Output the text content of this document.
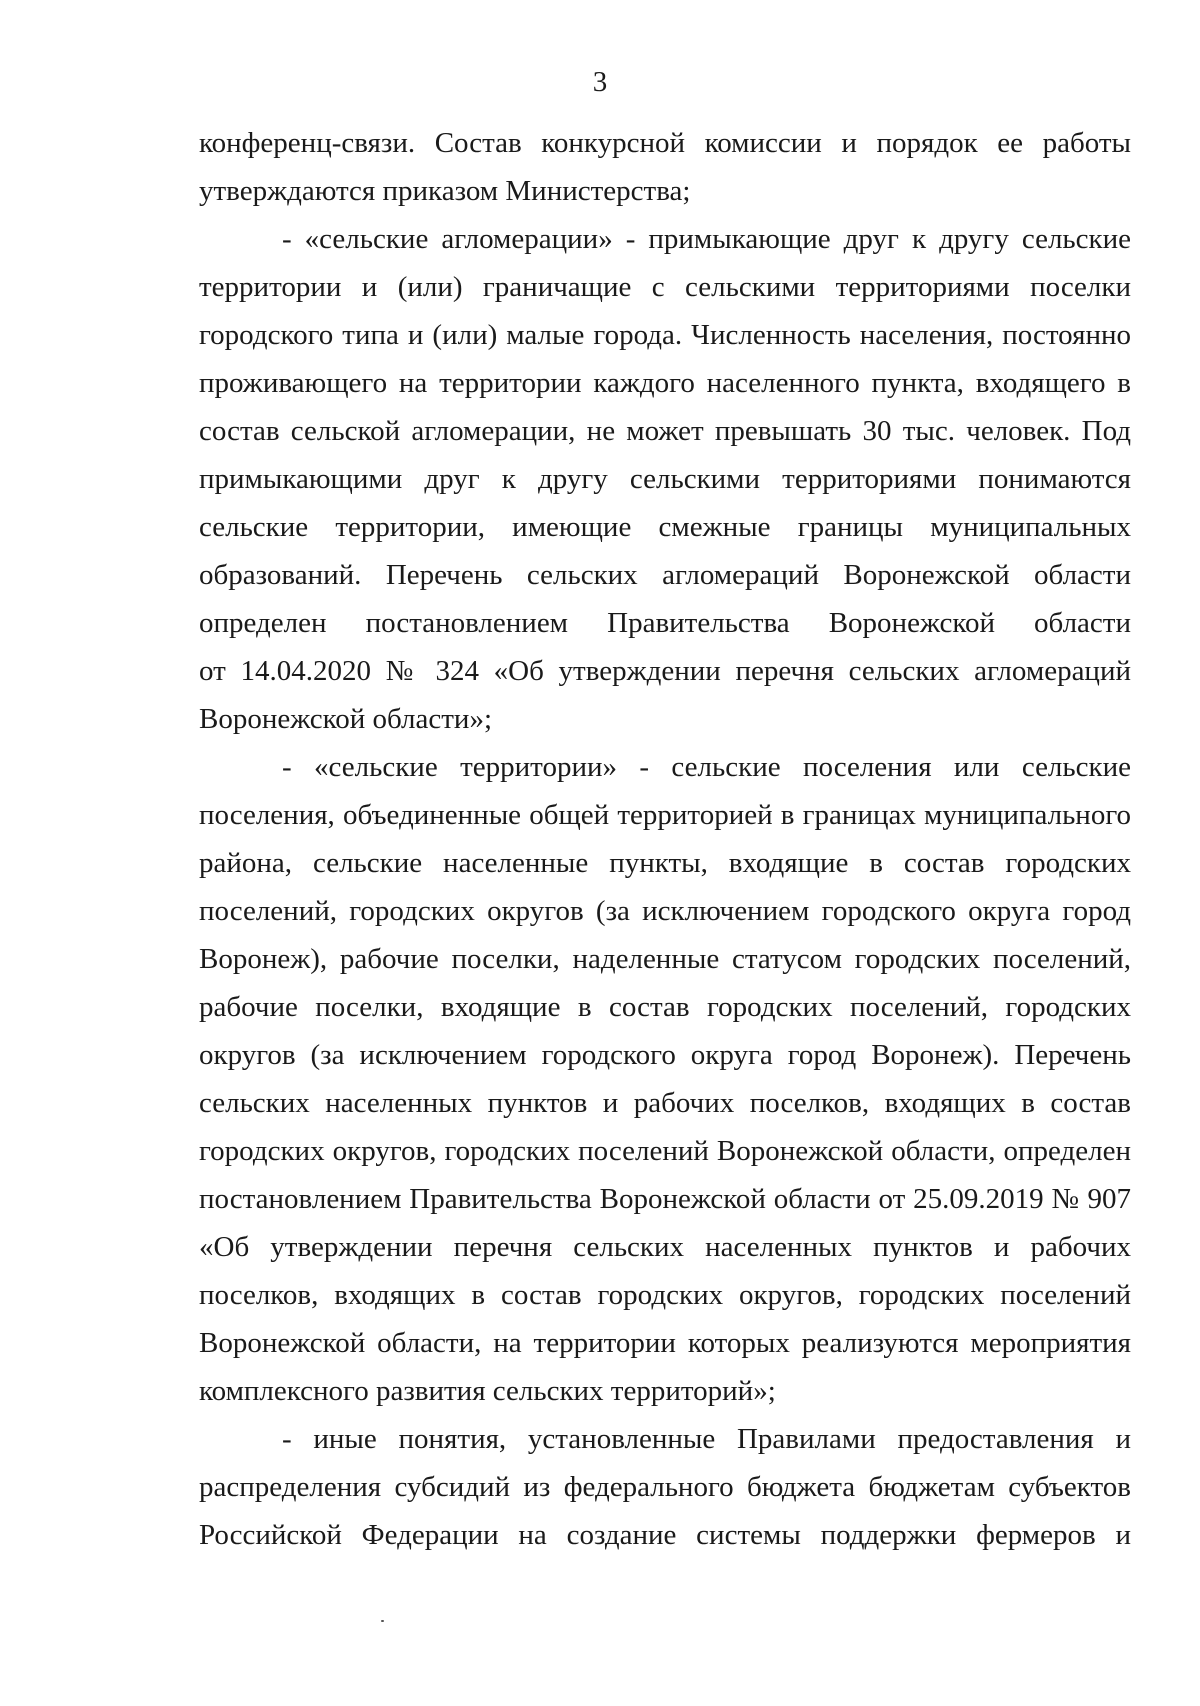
3
конференц-связи. Состав конкурсной комиссии и порядок ее работы
утверждаются приказом Министерства;
- «сельские агломерации» - примыкающие друг к другу сельские
территории и (или) граничащие с сельскими территориями поселки
городского типа и (или) малые города. Численность населения, постоянно
проживающего на территории каждого населенного пункта, входящего в
состав сельской агломерации, не может превышать 30 тыс. человек. Под
примыкающими друг к другу сельскими территориями понимаются
сельские территории, имеющие смежные границы муниципальных
образований. Перечень сельских агломераций Воронежской области
определен постановлением Правительства Воронежской области
от 14.04.2020 № 324 «Об утверждении перечня сельских агломераций
Воронежской области»;
- «сельские территории» - сельские поселения или сельские
поселения, объединенные общей территорией в границах муниципального
района, сельские населенные пункты, входящие в состав городских
поселений, городских округов (за исключением городского округа город
Воронеж), рабочие поселки, наделенные статусом городских поселений,
рабочие поселки, входящие в состав городских поселений, городских
округов (за исключением городского округа город Воронеж). Перечень
сельских населенных пунктов и рабочих поселков, входящих в состав
городских округов, городских поселений Воронежской области, определен
постановлением Правительства Воронежской области от 25.09.2019 № 907
«Об утверждении перечня сельских населенных пунктов и рабочих
поселков, входящих в состав городских округов, городских поселений
Воронежской области, на территории которых реализуются мероприятия
комплексного развития сельских территорий»;
- иные понятия, установленные Правилами предоставления и
распределения субсидий из федерального бюджета бюджетам субъектов
Российской Федерации на создание системы поддержки фермеров и
